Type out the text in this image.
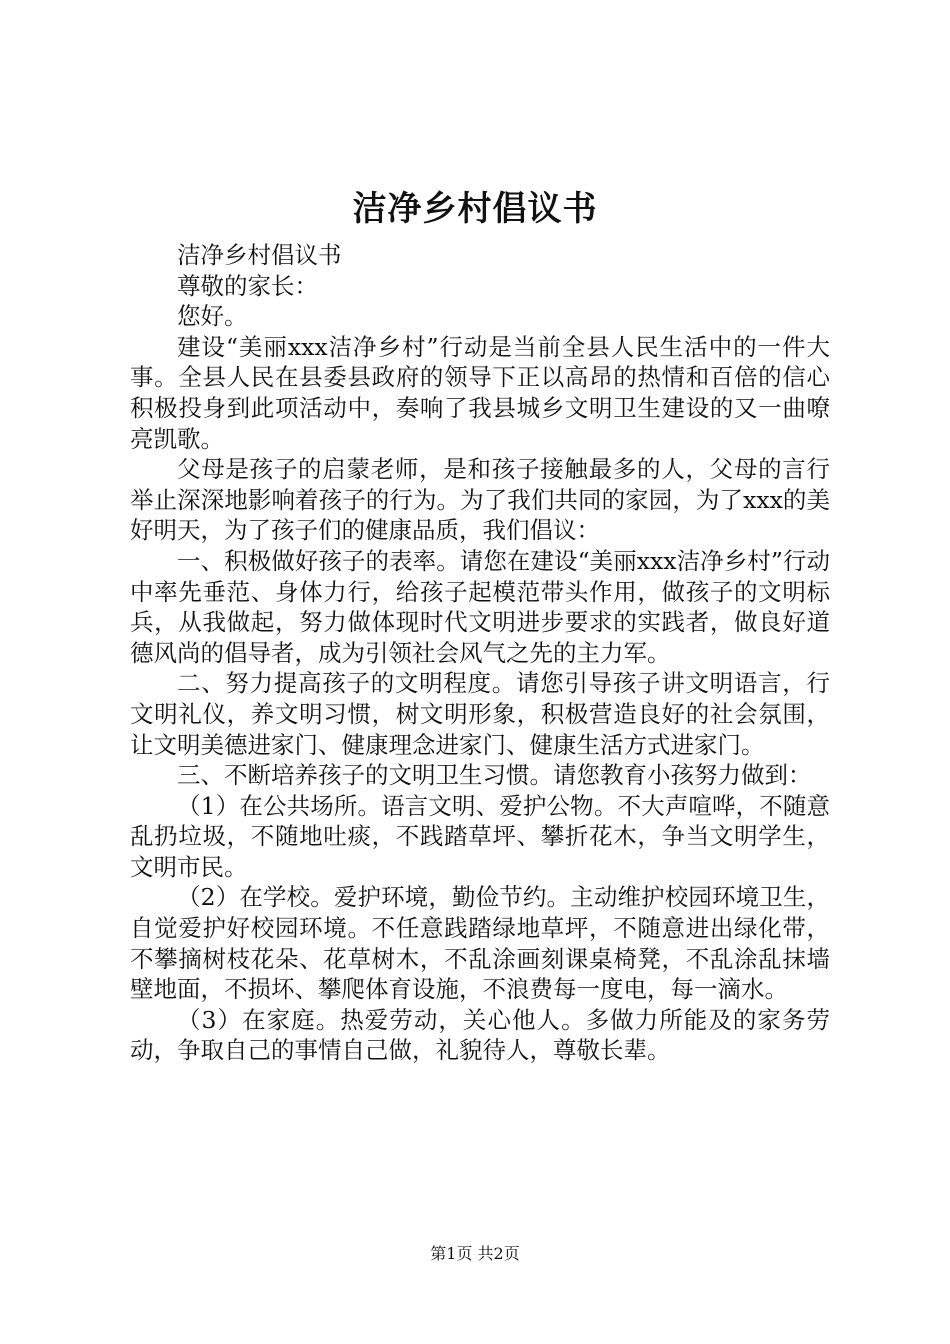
洁净乡村倡议书

洁净乡村倡议书

尊敬的家长：

您好。

建设“美丽xxx洁净乡村”行动是当前全县人民生活中的一件大事。全县人民在县委县政府的领导下正以高昂的热情和百倍的信心积极投身到此项活动中，奏响了我县城乡文明卫生建设的又一曲嘹亮凯歌。

父母是孩子的启蒙老师，是和孩子接触最多的人，父母的言行举止深深地影响着孩子的行为。为了我们共同的家园，为了xxx的美好明天，为了孩子们的健康品质，我们倡议：

一、积极做好孩子的表率。请您在建设“美丽xxx洁净乡村”行动中率先垂范、身体力行，给孩子起模范带头作用，做孩子的文明标兵，从我做起，努力做体现时代文明进步要求的实践者，做良好道德风尚的倡导者，成为引领社会风气之先的主力军。

二、努力提高孩子的文明程度。请您引导孩子讲文明语言，行文明礼仪，养文明习惯，树文明形象，积极营造良好的社会氛围，让文明美德进家门、健康理念进家门、健康生活方式进家门。

三、不断培养孩子的文明卫生习惯。请您教育小孩努力做到：

（1）在公共场所。语言文明、爱护公物。不大声喧哗，不随意乱扔垃圾，不随地吐痰，不践踏草坪、攀折花木，争当文明学生，文明市民。

（2）在学校。爱护环境，勤俭节约。主动维护校园环境卫生，自觉爱护好校园环境。不任意践踏绿地草坪，不随意进出绿化带，不攀摘树枝花朵、花草树木，不乱涂画刻课桌椅凳，不乱涂乱抹墙壁地面，不损坏、攀爬体育设施，不浪费每一度电，每一滴水。

（3）在家庭。热爱劳动，关心他人。多做力所能及的家务劳动，争取自己的事情自己做，礼貌待人，尊敬长辈。

第1页 共2页
